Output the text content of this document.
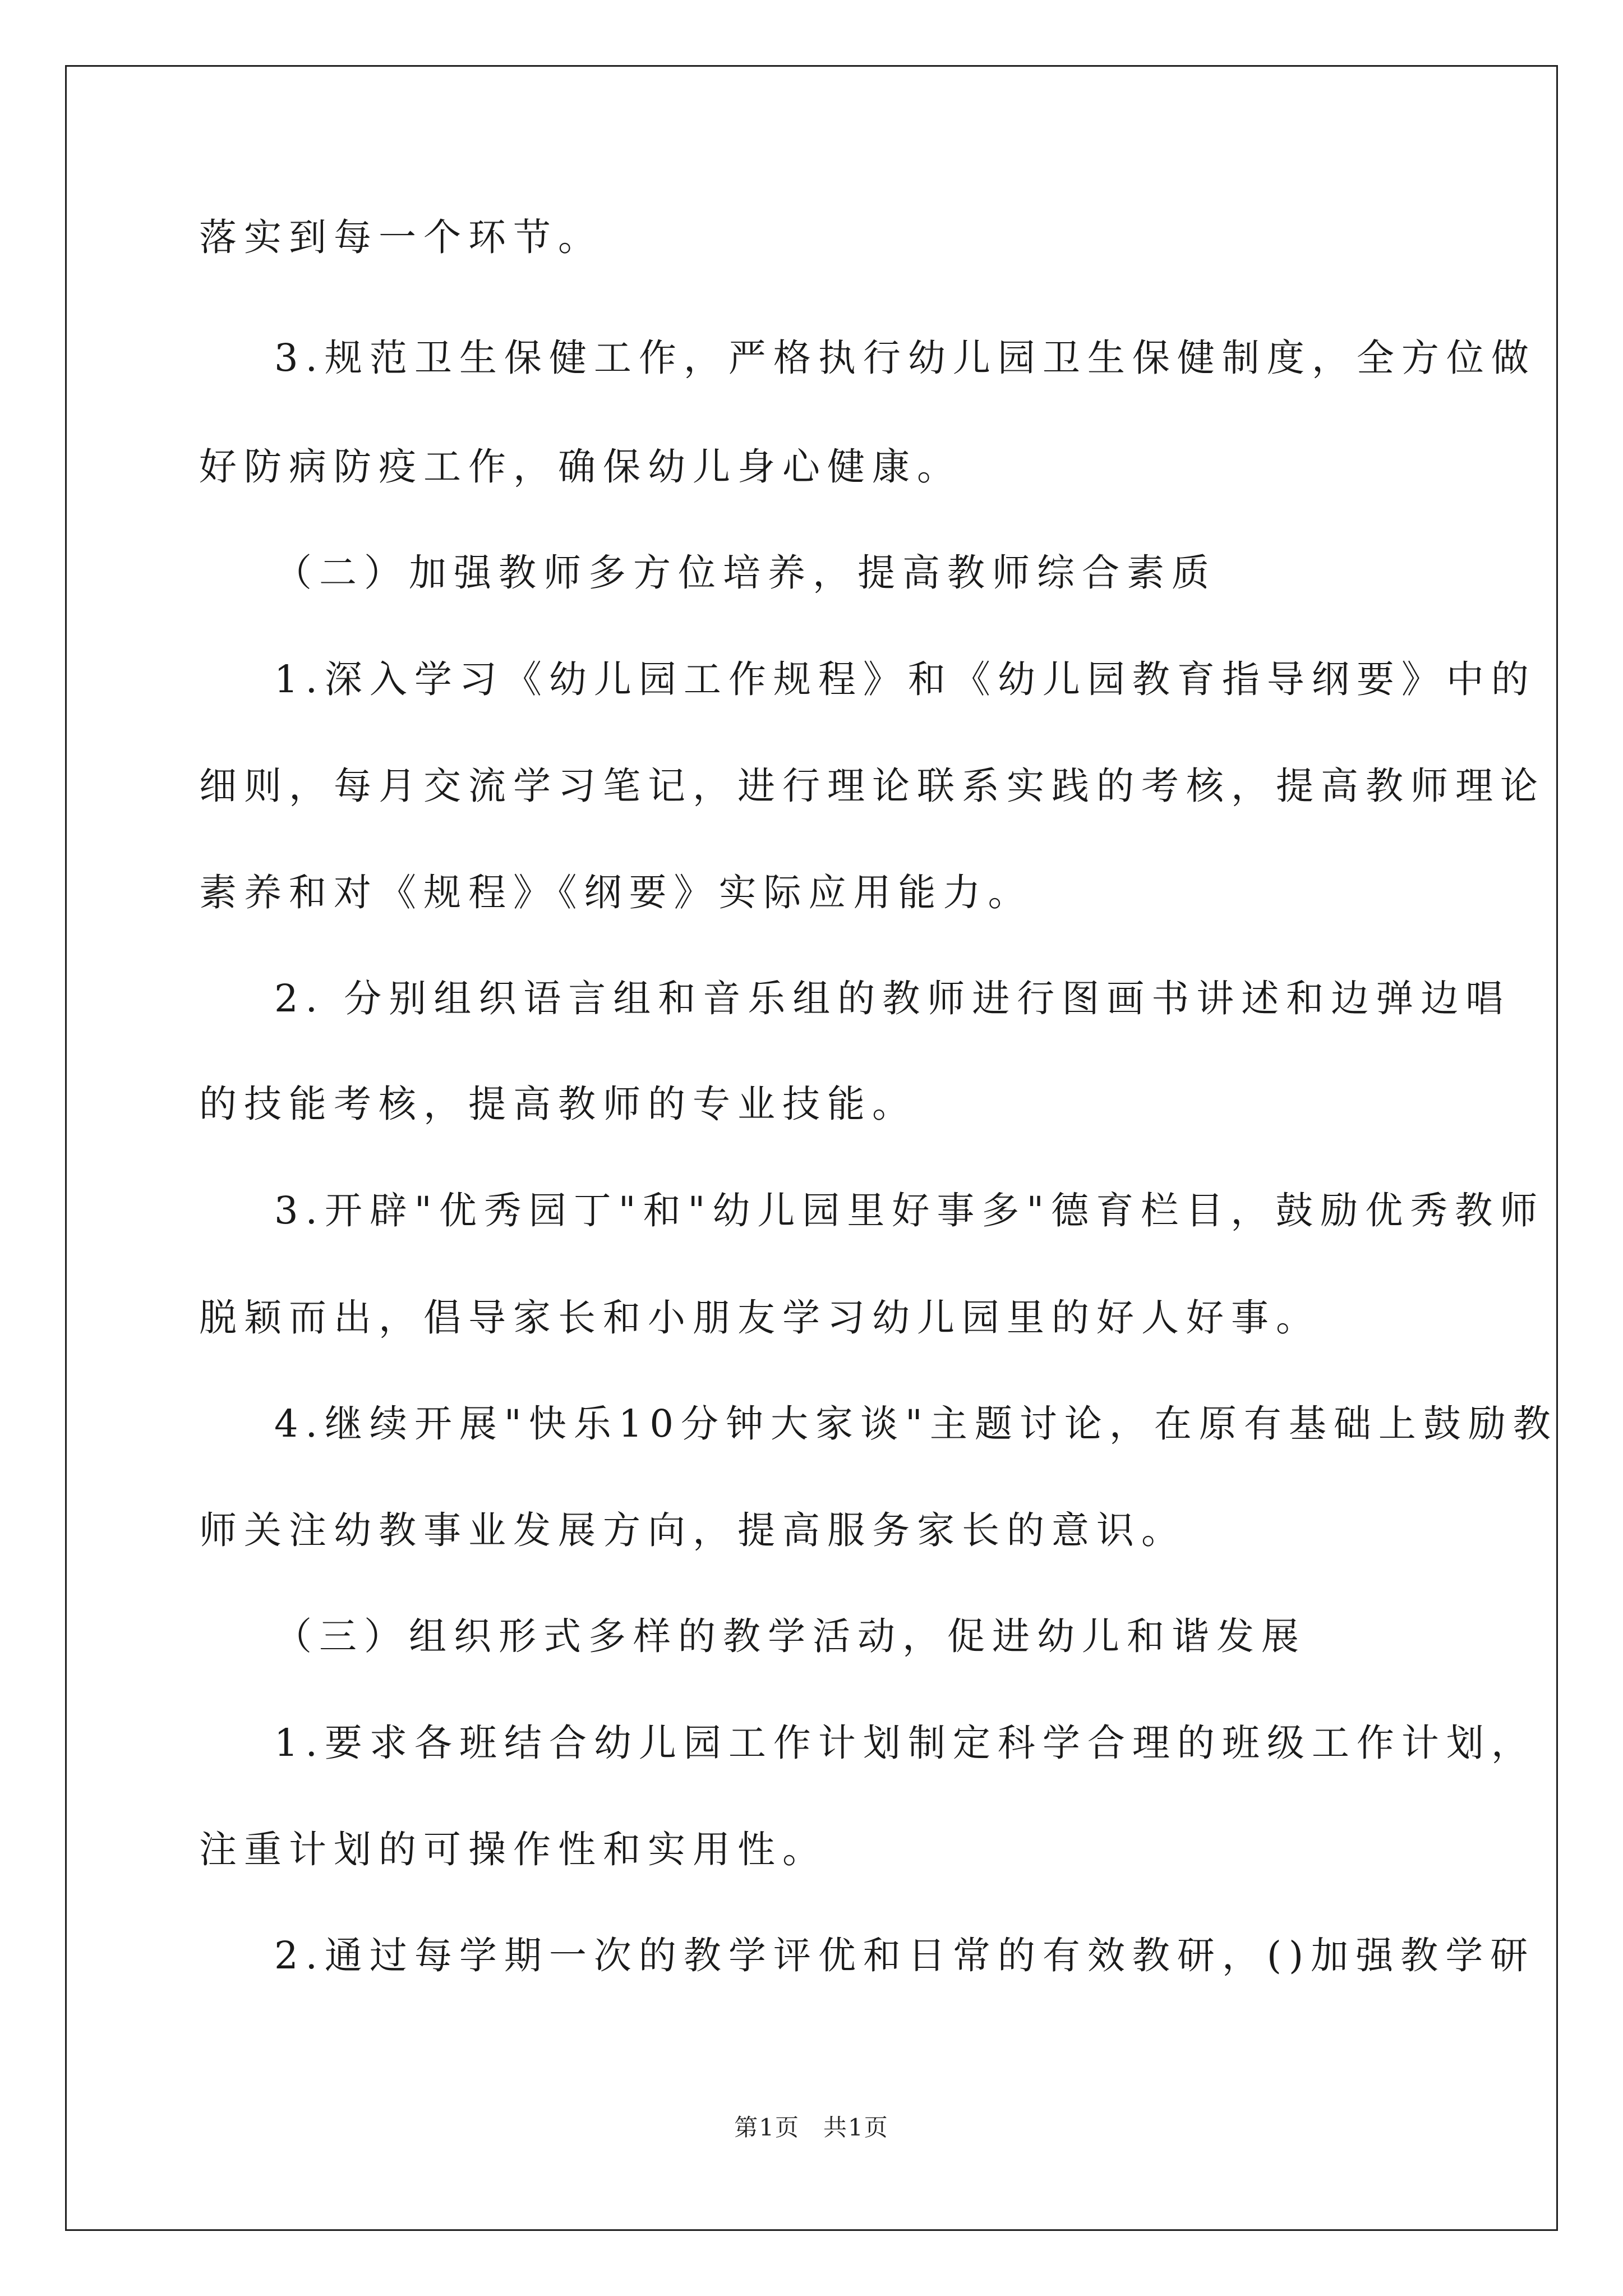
落实到每一个环节。
3.规范卫生保健工作，严格执行幼儿园卫生保健制度，全方位做
好防病防疫工作，确保幼儿身心健康。
（二）加强教师多方位培养，提高教师综合素质
1.深入学习《幼儿园工作规程》和《幼儿园教育指导纲要》中的
细则，每月交流学习笔记，进行理论联系实践的考核，提高教师理论
素养和对《规程》《纲要》实际应用能力。
2. 分别组织语言组和音乐组的教师进行图画书讲述和边弹边唱
的技能考核，提高教师的专业技能。
3.开辟"优秀园丁"和"幼儿园里好事多"德育栏目，鼓励优秀教师
脱颖而出，倡导家长和小朋友学习幼儿园里的好人好事。
4.继续开展"快乐10分钟大家谈"主题讨论，在原有基础上鼓励教
师关注幼教事业发展方向，提高服务家长的意识。
（三）组织形式多样的教学活动，促进幼儿和谐发展
1.要求各班结合幼儿园工作计划制定科学合理的班级工作计划，
注重计划的可操作性和实用性。
2.通过每学期一次的教学评优和日常的有效教研，()加强教学研
第1页 共1页
